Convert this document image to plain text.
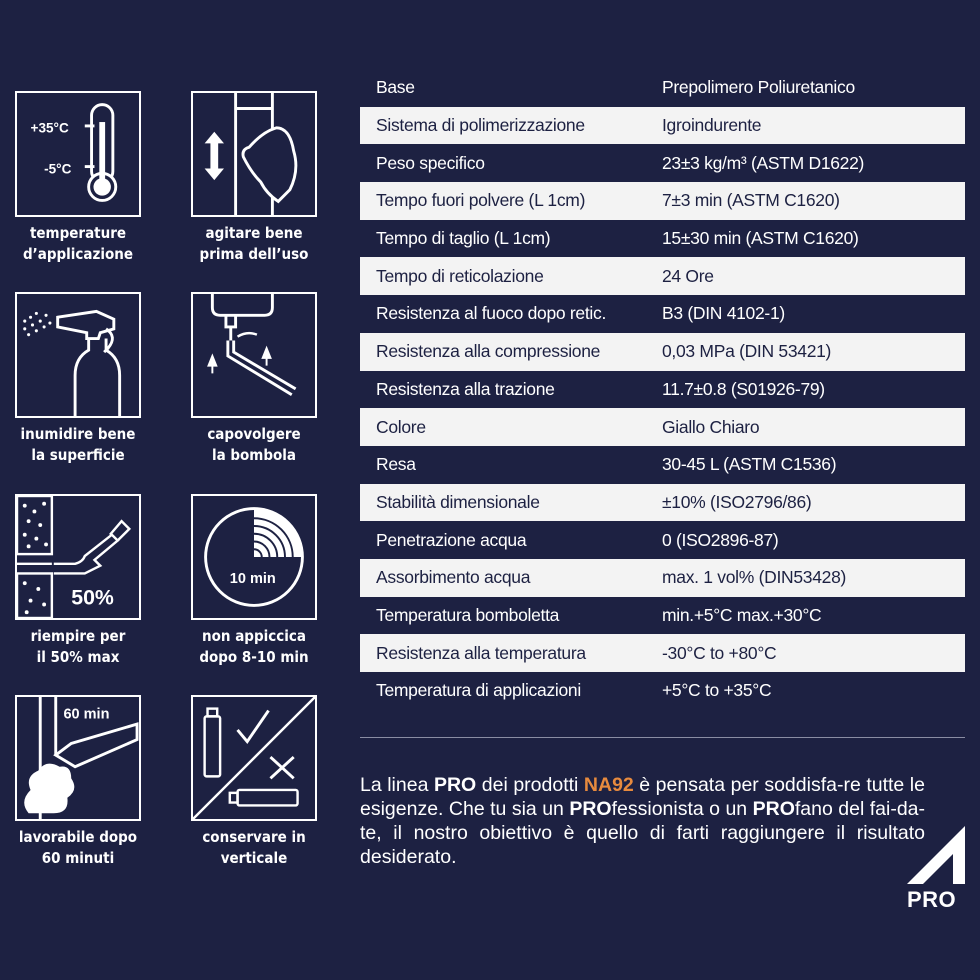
+35°C
-5°C
temperature
d’applicazione
agitare bene
prima dell’uso
inumidire bene
la superficie
capovolgere
la bombola
50%
riempire per
il 50% max
10 min
non appiccica
dopo 8-10 min
60 min
lavorabile dopo
60 minuti
conservare in
verticale
Base	Prepolimero Poliuretanico
Sistema di polimerizzazione	Igroindurente
Peso specifico	23±3 kg/m³ (ASTM D1622)
Tempo fuori polvere (L 1cm)	7±3 min (ASTM C1620)
Tempo di taglio (L 1cm)	15±30 min (ASTM C1620)
Tempo di reticolazione	24 Ore
Resistenza al fuoco dopo retic.	B3 (DIN 4102-1)
Resistenza alla compressione	0,03 MPa (DIN 53421)
Resistenza alla trazione	11.7±0.8 (S01926-79)
Colore	Giallo Chiaro
Resa	30-45 L (ASTM C1536)
Stabilità dimensionale	±10% (ISO2796/86)
Penetrazione acqua	0 (ISO2896-87)
Assorbimento acqua	max. 1 vol% (DIN53428)
Temperatura bomboletta	min.+5°C max.+30°C
Resistenza alla temperatura	-30°C to +80°C
Temperatura di applicazioni	+5°C to +35°C

La linea PRO dei prodotti NA92 è pensata per soddisfa-re tutte le esigenze. Che tu sia un PROfessionista o un PROfano del fai-da-te, il nostro obiettivo è quello di farti raggiungere il risultato desiderato.

PRO
